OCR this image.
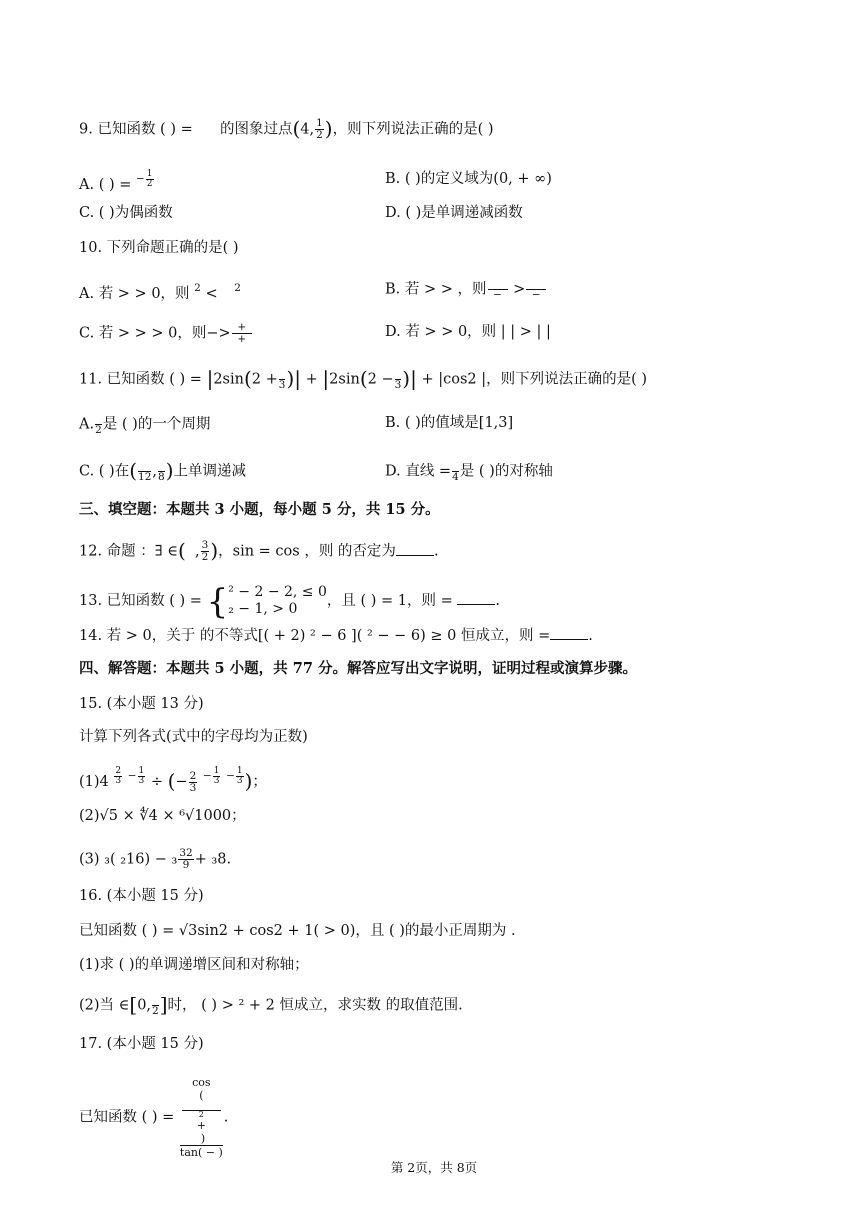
9. 已知函数 ( ) = 的图象过点(4, $\frac{1}{2}$ )，则下列说法正确的是( )
A. ( ) = $^{- \frac{1}{2}}$	B. ( )的定义域为(0, + ∞)
C. ( )为偶函数	D. ( )是单调递减函数
10. 下列命题正确的是( )
A. 若 > > 0，则 $^2$ < $^2$	B. 若 > > ，则
− >
−
C. 若 > > > 0，则−> $\frac{+}{+}$	D. 若 > > 0，则 | | > | |
11. 已知函数 ( ) = |2sin(2 +
3 )| + |2sin(2 −
3 )| + |cos2 |，则下列说法正确的是( )
A.
2 是 ( )的一个周期	B. ( )的值域是[1,3]
C. ( )在(
12 ,
8 )上单调递减	D. 直线 =
4 是 ( )的对称轴
三、填空题：本题共 3 小题，每小题 5 分，共 15 分。
12. 命题 ：∃ ∈(  , $\frac{3}{2}$ )，sin = cos ，则 的否定为	.
13. 已知函数 ( ) = { ² − 2 − 2, ≤ 0
₂ − 1, > 0	，且 ( ) = 1，则 =	.
14. 若 > 0，关于 的不等式[( + 2) ² − 6 ]( ² − − 6) ≥ 0 恒成立，则 =	.
四、解答题：本题共 5 小题，共 77 分。解答应写出文字说明，证明过程或演算步骤。
15. (本小题 13 分)
计算下列各式(式中的字母均为正数)
(1)4 $^{\frac{2}{3}}$ $^{- \frac{1}{3}}$ ÷ (− $\frac{2}{3} ^{- \frac{1}{3}}$ $^{- \frac{1}{3}}$ )；
(2)√5 × ∜4 × ⁶√1000；
(3) ₃( $_216) - _3 \frac{32}{9} + _38$.
16. (本小题 15 分)
已知函数 ( ) = √3sin2 + cos2 + 1( > 0)，且 ( )的最小正周期为 .
(1)求 ( )的单调递增区间和对称轴；
(2)当 ∈[0,
2 ]时， ( ) > ² + 2 恒成立，求实数 的取值范围.
17. (本小题 15 分)
已知函数 ( ) = cos
(

2
+
)
tan( − ) .
第 2页，共 8页
